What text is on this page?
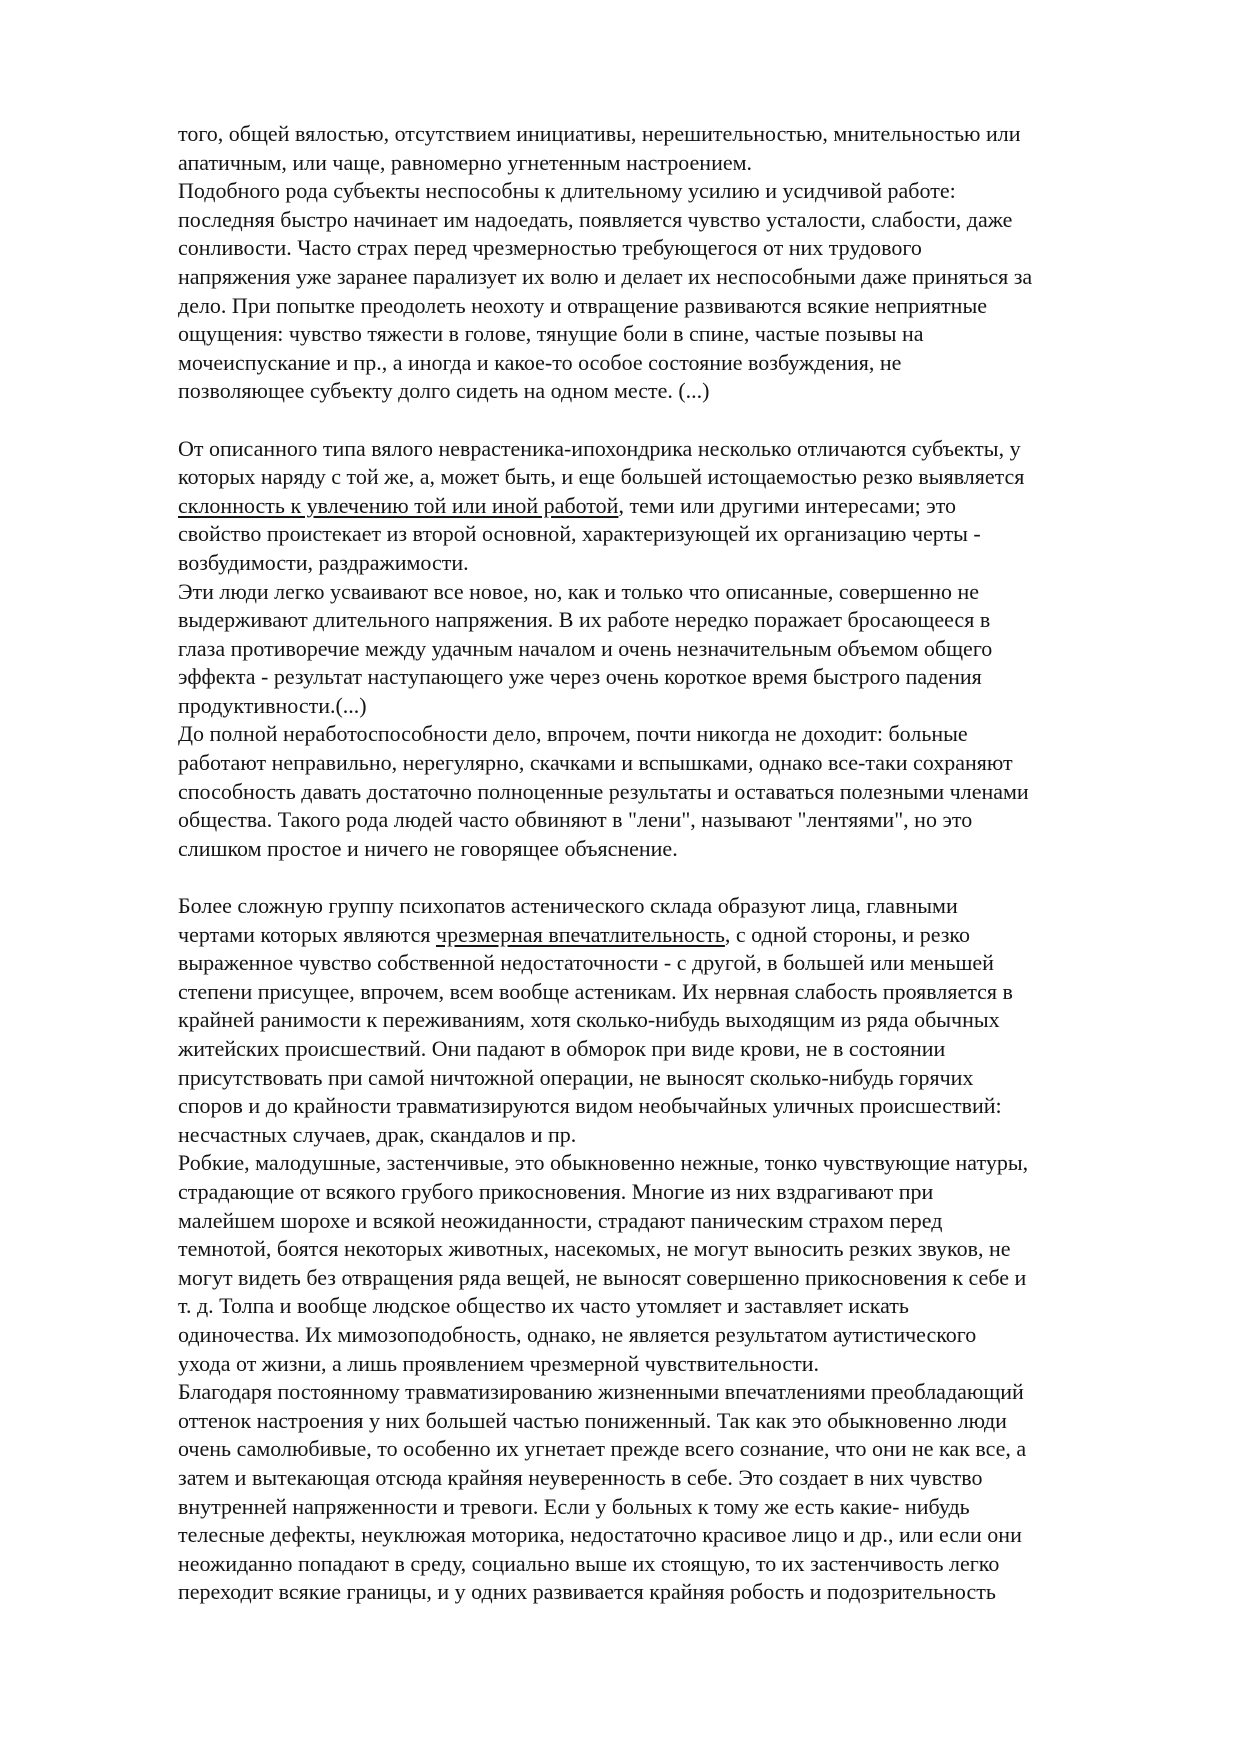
того, общей вялостью, отсутствием инициативы, нерешительностью, мнительностью или
апатичным, или чаще, равномерно угнетенным настроением.
Подобного рода субъекты неспособны к длительному усилию и усидчивой работе:
последняя быстро начинает им надоедать, появляется чувство усталости, слабости, даже
сонливости. Часто страх перед чрезмерностью требующегося от них трудового
напряжения уже заранее парализует их волю и делает их неспособными даже приняться за
дело. При попытке преодолеть неохоту и отвращение развиваются всякие неприятные
ощущения: чувство тяжести в голове, тянущие боли в спине, частые позывы на
мочеиспускание и пр., а иногда и какое-то особое состояние возбуждения, не
позволяющее субъекту долго сидеть на одном месте. (...)
От описанного типа вялого неврастеника-ипохондрика несколько отличаются субъекты, у
которых наряду с той же, а, может быть, и еще большей истощаемостью резко выявляется
склонность к увлечению той или иной работой, теми или другими интересами; это
свойство проистекает из второй основной, характеризующей их организацию черты -
возбудимости, раздражимости.
Эти люди легко усваивают все новое, но, как и только что описанные, совершенно не
выдерживают длительного напряжения. В их работе нередко поражает бросающееся в
глаза противоречие между удачным началом и очень незначительным объемом общего
эффекта - результат наступающего уже через очень короткое время быстрого падения
продуктивности.(...)
До полной неработоспособности дело, впрочем, почти никогда не доходит: больные
работают неправильно, нерегулярно, скачками и вспышками, однако все-таки сохраняют
способность давать достаточно полноценные результаты и оставаться полезными членами
общества. Такого рода людей часто обвиняют в "лени", называют "лентяями", но это
слишком простое и ничего не говорящее объяснение.
Более сложную группу психопатов астенического склада образуют лица, главными
чертами которых являются чрезмерная впечатлительность, с одной стороны, и резко
выраженное чувство собственной недостаточности - с другой, в большей или меньшей
степени присущее, впрочем, всем вообще астеникам. Их нервная слабость проявляется в
крайней ранимости к переживаниям, хотя сколько-нибудь выходящим из ряда обычных
житейских происшествий. Они падают в обморок при виде крови, не в состоянии
присутствовать при самой ничтожной операции, не выносят сколько-нибудь горячих
споров и до крайности травматизируются видом необычайных уличных происшествий:
несчастных случаев, драк, скандалов и пр.
Робкие, малодушные, застенчивые, это обыкновенно нежные, тонко чувствующие натуры,
страдающие от всякого грубого прикосновения. Многие из них вздрагивают при
малейшем шорохе и всякой неожиданности, страдают паническим страхом перед
темнотой, боятся некоторых животных, насекомых, не могут выносить резких звуков, не
могут видеть без отвращения ряда вещей, не выносят совершенно прикосновения к себе и
т. д. Толпа и вообще людское общество их часто утомляет и заставляет искать
одиночества. Их мимозоподобность, однако, не является результатом аутистического
ухода от жизни, а лишь проявлением чрезмерной чувствительности.
Благодаря постоянному травматизированию жизненными впечатлениями преобладающий
оттенок настроения у них большей частью пониженный. Так как это обыкновенно люди
очень самолюбивые, то особенно их угнетает прежде всего сознание, что они не как все, а
затем и вытекающая отсюда крайняя неуверенность в себе. Это создает в них чувство
внутренней напряженности и тревоги. Если у больных к тому же есть какие- нибудь
телесные дефекты, неуклюжая моторика, недостаточно красивое лицо и др., или если они
неожиданно попадают в среду, социально выше их стоящую, то их застенчивость легко
переходит всякие границы, и у одних развивается крайняя робость и подозрительность
